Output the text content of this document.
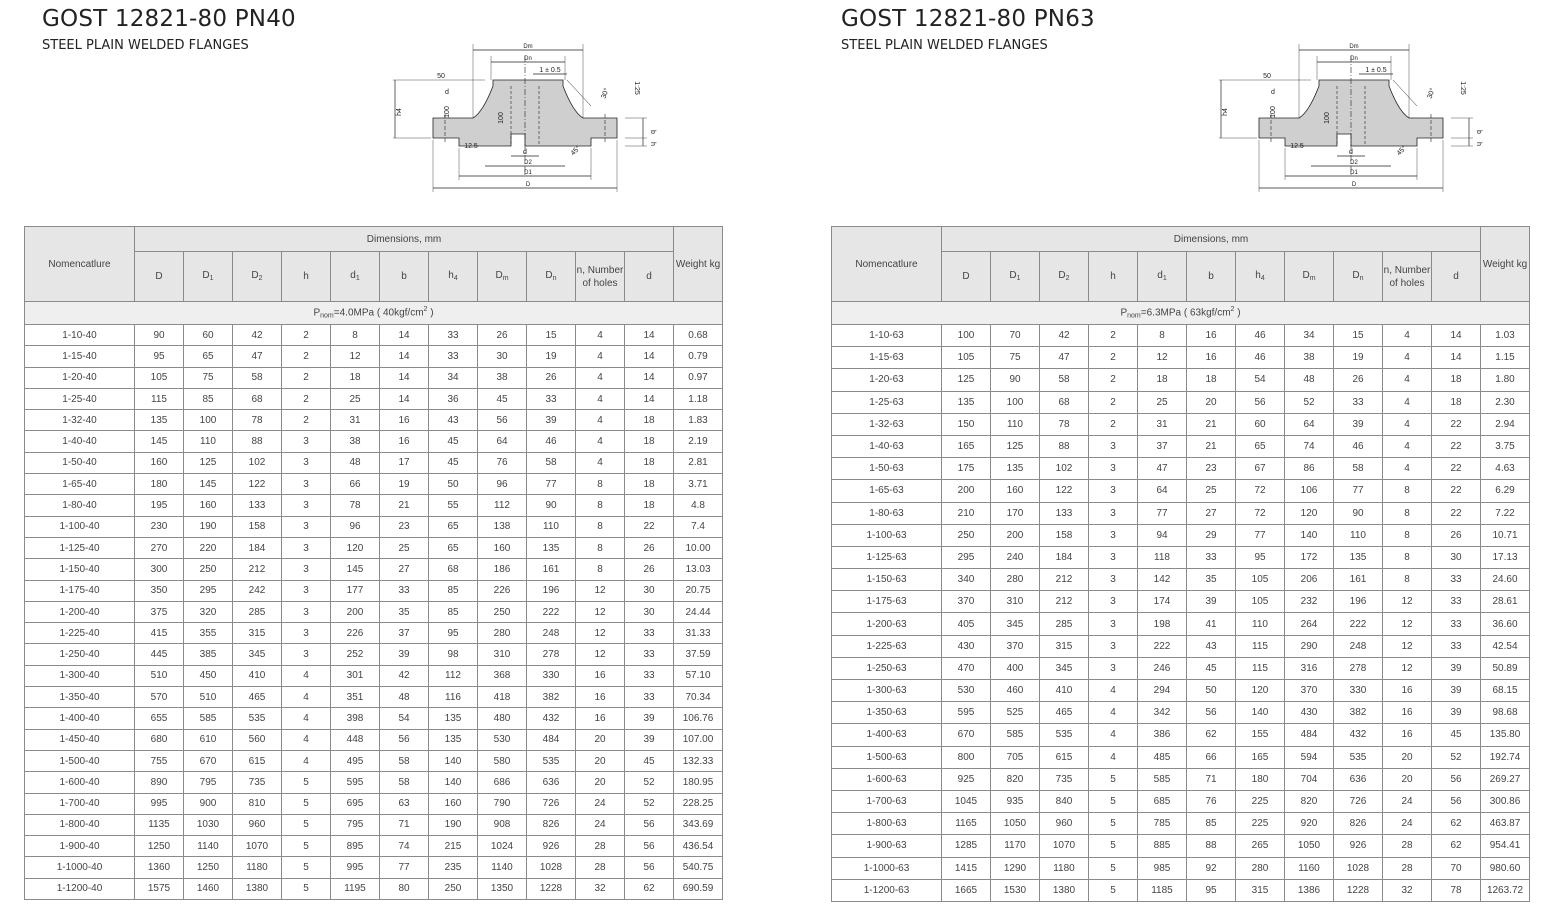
GOST 12821-80 PN40
STEEL PLAIN WELDED FLANGES	Dm
Dn
1 ± 0.5
30°	1:25
50
100
100
12.5	45°
h4
b
h
d
d
D2
D1
D
Nomencatlure	Dimensions, mm											Weight kg
	D	$D_1$	$D_2$	h	$d_1$	b	$h_4$	$D_m$	$D_n$	n, Number of holes	d	
$P_{nom}=4.0MPa$ ( $40kgf/cm^2$ )												
1-10-40	90	60	42	2	8	14	33	26	15	4	14	0.68
1-15-40	95	65	47	2	12	14	33	30	19	4	14	0.79
1-20-40	105	75	58	2	18	14	34	38	26	4	14	0.97
1-25-40	115	85	68	2	25	14	36	45	33	4	14	1.18
1-32-40	135	100	78	2	31	16	43	56	39	4	18	1.83
1-40-40	145	110	88	3	38	16	45	64	46	4	18	2.19
1-50-40	160	125	102	3	48	17	45	76	58	4	18	2.81
1-65-40	180	145	122	3	66	19	50	96	77	8	18	3.71
1-80-40	195	160	133	3	78	21	55	112	90	8	18	4.8
1-100-40	230	190	158	3	96	23	65	138	110	8	22	7.4
1-125-40	270	220	184	3	120	25	65	160	135	8	26	10.00
1-150-40	300	250	212	3	145	27	68	186	161	8	26	13.03
1-175-40	350	295	242	3	177	33	85	226	196	12	30	20.75
1-200-40	375	320	285	3	200	35	85	250	222	12	30	24.44
1-225-40	415	355	315	3	226	37	95	280	248	12	33	31.33
1-250-40	445	385	345	3	252	39	98	310	278	12	33	37.59
1-300-40	510	450	410	4	301	42	112	368	330	16	33	57.10
1-350-40	570	510	465	4	351	48	116	418	382	16	33	70.34
1-400-40	655	585	535	4	398	54	135	480	432	16	39	106.76
1-450-40	680	610	560	4	448	56	135	530	484	20	39	107.00
1-500-40	755	670	615	4	495	58	140	580	535	20	45	132.33
1-600-40	890	795	735	5	595	58	140	686	636	20	52	180.95
1-700-40	995	900	810	5	695	63	160	790	726	24	52	228.25
1-800-40	1135	1030	960	5	795	71	190	908	826	24	56	343.69
1-900-40	1250	1140	1070	5	895	74	215	1024	926	28	56	436.54
1-1000-40	1360	1250	1180	5	995	77	235	1140	1028	28	56	540.75
1-1200-40	1575	1460	1380	5	1195	80	250	1350	1228	32	62	690.59
GOST 12821-80 PN63
STEEL PLAIN WELDED FLANGES	Dm
Dn
1 ± 0.5
30°	1:25
50
100
100
12.5	45°
h4
b
h
d
d
D2
D1
D
Nomencatlure	Dimensions, mm											Weight kg
	D	$D_1$	$D_2$	h	$d_1$	b	$h_4$	$D_m$	$D_n$	n, Number of holes	d	
$P_{nom}=6.3MPa$ ( $63kgf/cm^2$ )												
1-10-63	100	70	42	2	8	16	46	34	15	4	14	1.03
1-15-63	105	75	47	2	12	16	46	38	19	4	14	1.15
1-20-63	125	90	58	2	18	18	54	48	26	4	18	1.80
1-25-63	135	100	68	2	25	20	56	52	33	4	18	2.30
1-32-63	150	110	78	2	31	21	60	64	39	4	22	2.94
1-40-63	165	125	88	3	37	21	65	74	46	4	22	3.75
1-50-63	175	135	102	3	47	23	67	86	58	4	22	4.63
1-65-63	200	160	122	3	64	25	72	106	77	8	22	6.29
1-80-63	210	170	133	3	77	27	72	120	90	8	22	7.22
1-100-63	250	200	158	3	94	29	77	140	110	8	26	10.71
1-125-63	295	240	184	3	118	33	95	172	135	8	30	17.13
1-150-63	340	280	212	3	142	35	105	206	161	8	33	24.60
1-175-63	370	310	212	3	174	39	105	232	196	12	33	28.61
1-200-63	405	345	285	3	198	41	110	264	222	12	33	36.60
1-225-63	430	370	315	3	222	43	115	290	248	12	33	42.54
1-250-63	470	400	345	3	246	45	115	316	278	12	39	50.89
1-300-63	530	460	410	4	294	50	120	370	330	16	39	68.15
1-350-63	595	525	465	4	342	56	140	430	382	16	39	98.68
1-400-63	670	585	535	4	386	62	155	484	432	16	45	135.80
1-500-63	800	705	615	4	485	66	165	594	535	20	52	192.74
1-600-63	925	820	735	5	585	71	180	704	636	20	56	269.27
1-700-63	1045	935	840	5	685	76	225	820	726	24	56	300.86
1-800-63	1165	1050	960	5	785	85	225	920	826	24	62	463.87
1-900-63	1285	1170	1070	5	885	88	265	1050	926	28	62	954.41
1-1000-63	1415	1290	1180	5	985	92	280	1160	1028	28	70	980.60
1-1200-63	1665	1530	1380	5	1185	95	315	1386	1228	32	78	1263.72
